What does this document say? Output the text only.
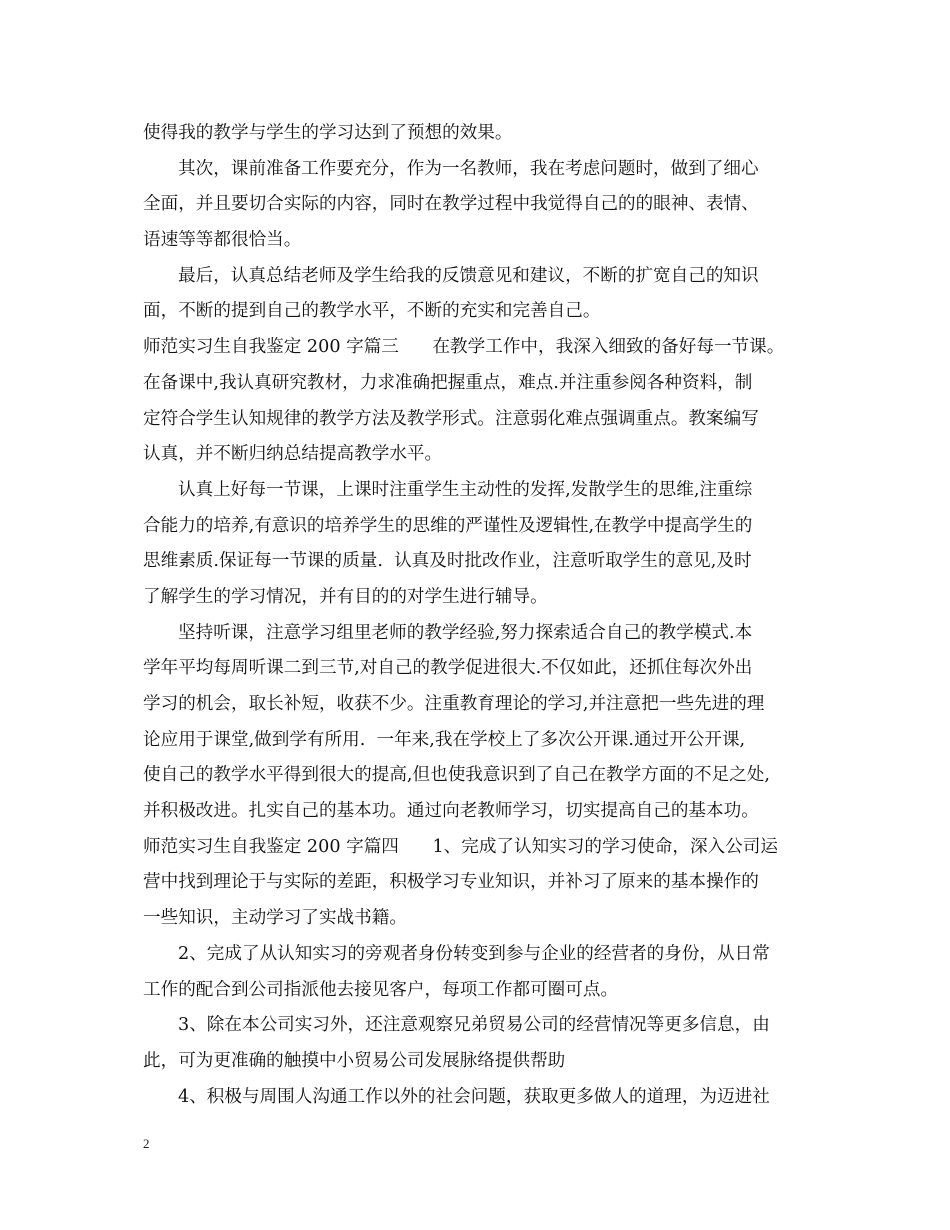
使得我的教学与学生的学习达到了预想的效果。
其次，课前准备工作要充分，作为一名教师，我在考虑问题时，做到了细心
全面，并且要切合实际的内容，同时在教学过程中我觉得自己的的眼神、表情、
语速等等都很恰当。
最后，认真总结老师及学生给我的反馈意见和建议，不断的扩宽自己的知识
面，不断的提到自己的教学水平，不断的充实和完善自己。
师范实习生自我鉴定 200 字篇三      在教学工作中，我深入细致的备好每一节课。
在备课中,我认真研究教材，力求准确把握重点，难点.并注重参阅各种资料，制
定符合学生认知规律的教学方法及教学形式。注意弱化难点强调重点。教案编写
认真，并不断归纳总结提高教学水平。
认真上好每一节课，上课时注重学生主动性的发挥,发散学生的思维,注重综
合能力的培养,有意识的培养学生的思维的严谨性及逻辑性,在教学中提高学生的
思维素质.保证每一节课的质量.  认真及时批改作业，注意听取学生的意见,及时
了解学生的学习情况，并有目的的对学生进行辅导。
坚持听课，注意学习组里老师的教学经验,努力探索适合自己的教学模式.本
学年平均每周听课二到三节,对自己的教学促进很大.不仅如此，还抓住每次外出
学习的机会，取长补短，收获不少。注重教育理论的学习,并注意把一些先进的理
论应用于课堂,做到学有所用.  一年来,我在学校上了多次公开课.通过开公开课,
使自己的教学水平得到很大的提高,但也使我意识到了自己在教学方面的不足之处,
并积极改进。扎实自己的基本功。通过向老教师学习，切实提高自己的基本功。
师范实习生自我鉴定 200 字篇四      1、完成了认知实习的学习使命，深入公司运
营中找到理论于与实际的差距，积极学习专业知识，并补习了原来的基本操作的
一些知识，主动学习了实战书籍。
2、完成了从认知实习的旁观者身份转变到参与企业的经营者的身份，从日常
工作的配合到公司指派他去接见客户，每项工作都可圈可点。
3、除在本公司实习外，还注意观察兄弟贸易公司的经营情况等更多信息，由
此，可为更准确的触摸中小贸易公司发展脉络提供帮助
4、积极与周围人沟通工作以外的社会问题，获取更多做人的道理，为迈进社
2
